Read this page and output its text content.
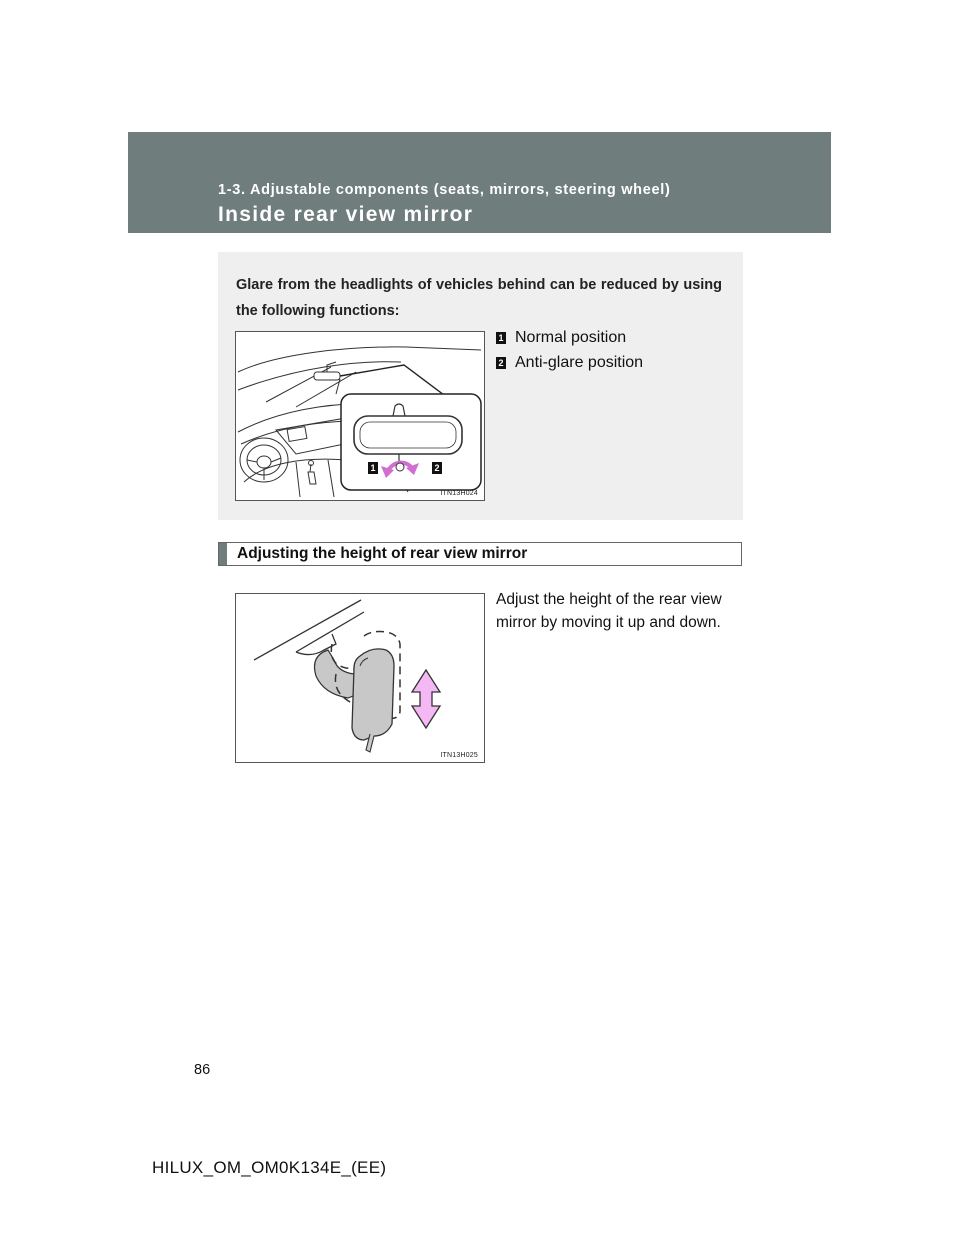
1-3. Adjustable components (seats, mirrors, steering wheel)
Inside rear view mirror
Glare from the headlights of vehicles behind can be reduced by using the following functions:
1 Normal position
2 Anti-glare position
1	2
ITN13H024
Adjusting the height of rear view mirror
Adjust the height of the rear view mirror by moving it up and down.
ITN13H025
86
HILUX_OM_OM0K134E_(EE)
